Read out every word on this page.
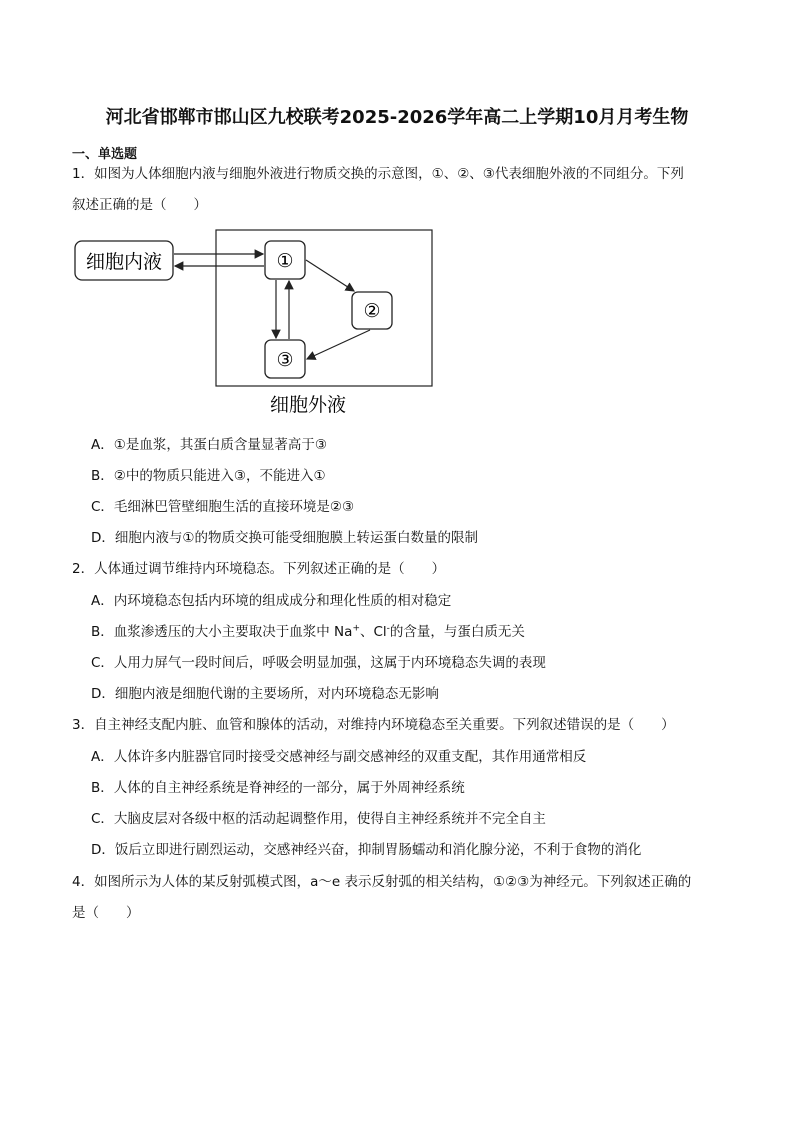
河北省邯郸市邯山区九校联考2025-2026学年高二上学期10月月考生物
一、单选题
1．如图为人体细胞内液与细胞外液进行物质交换的示意图，①、②、③代表细胞外液的不同组分。下列
叙述正确的是（　　）
细胞内液	①
②
③
细胞外液
A．①是血浆，其蛋白质含量显著高于③
B．②中的物质只能进入③，不能进入①
C．毛细淋巴管壁细胞生活的直接环境是②③
D．细胞内液与①的物质交换可能受细胞膜上转运蛋白数量的限制
2．人体通过调节维持内环境稳态。下列叙述正确的是（　　）
A．内环境稳态包括内环境的组成成分和理化性质的相对稳定
B．血浆渗透压的大小主要取决于血浆中 Na+、Cl-的含量，与蛋白质无关
C．人用力屏气一段时间后，呼吸会明显加强，这属于内环境稳态失调的表现
D．细胞内液是细胞代谢的主要场所，对内环境稳态无影响
3．自主神经支配内脏、血管和腺体的活动，对维持内环境稳态至关重要。下列叙述错误的是（　　）
A．人体许多内脏器官同时接受交感神经与副交感神经的双重支配，其作用通常相反
B．人体的自主神经系统是脊神经的一部分，属于外周神经系统
C．大脑皮层对各级中枢的活动起调整作用，使得自主神经系统并不完全自主
D．饭后立即进行剧烈运动，交感神经兴奋，抑制胃肠蠕动和消化腺分泌，不利于食物的消化
4．如图所示为人体的某反射弧模式图，a～e 表示反射弧的相关结构，①②③为神经元。下列叙述正确的
是（　　）
